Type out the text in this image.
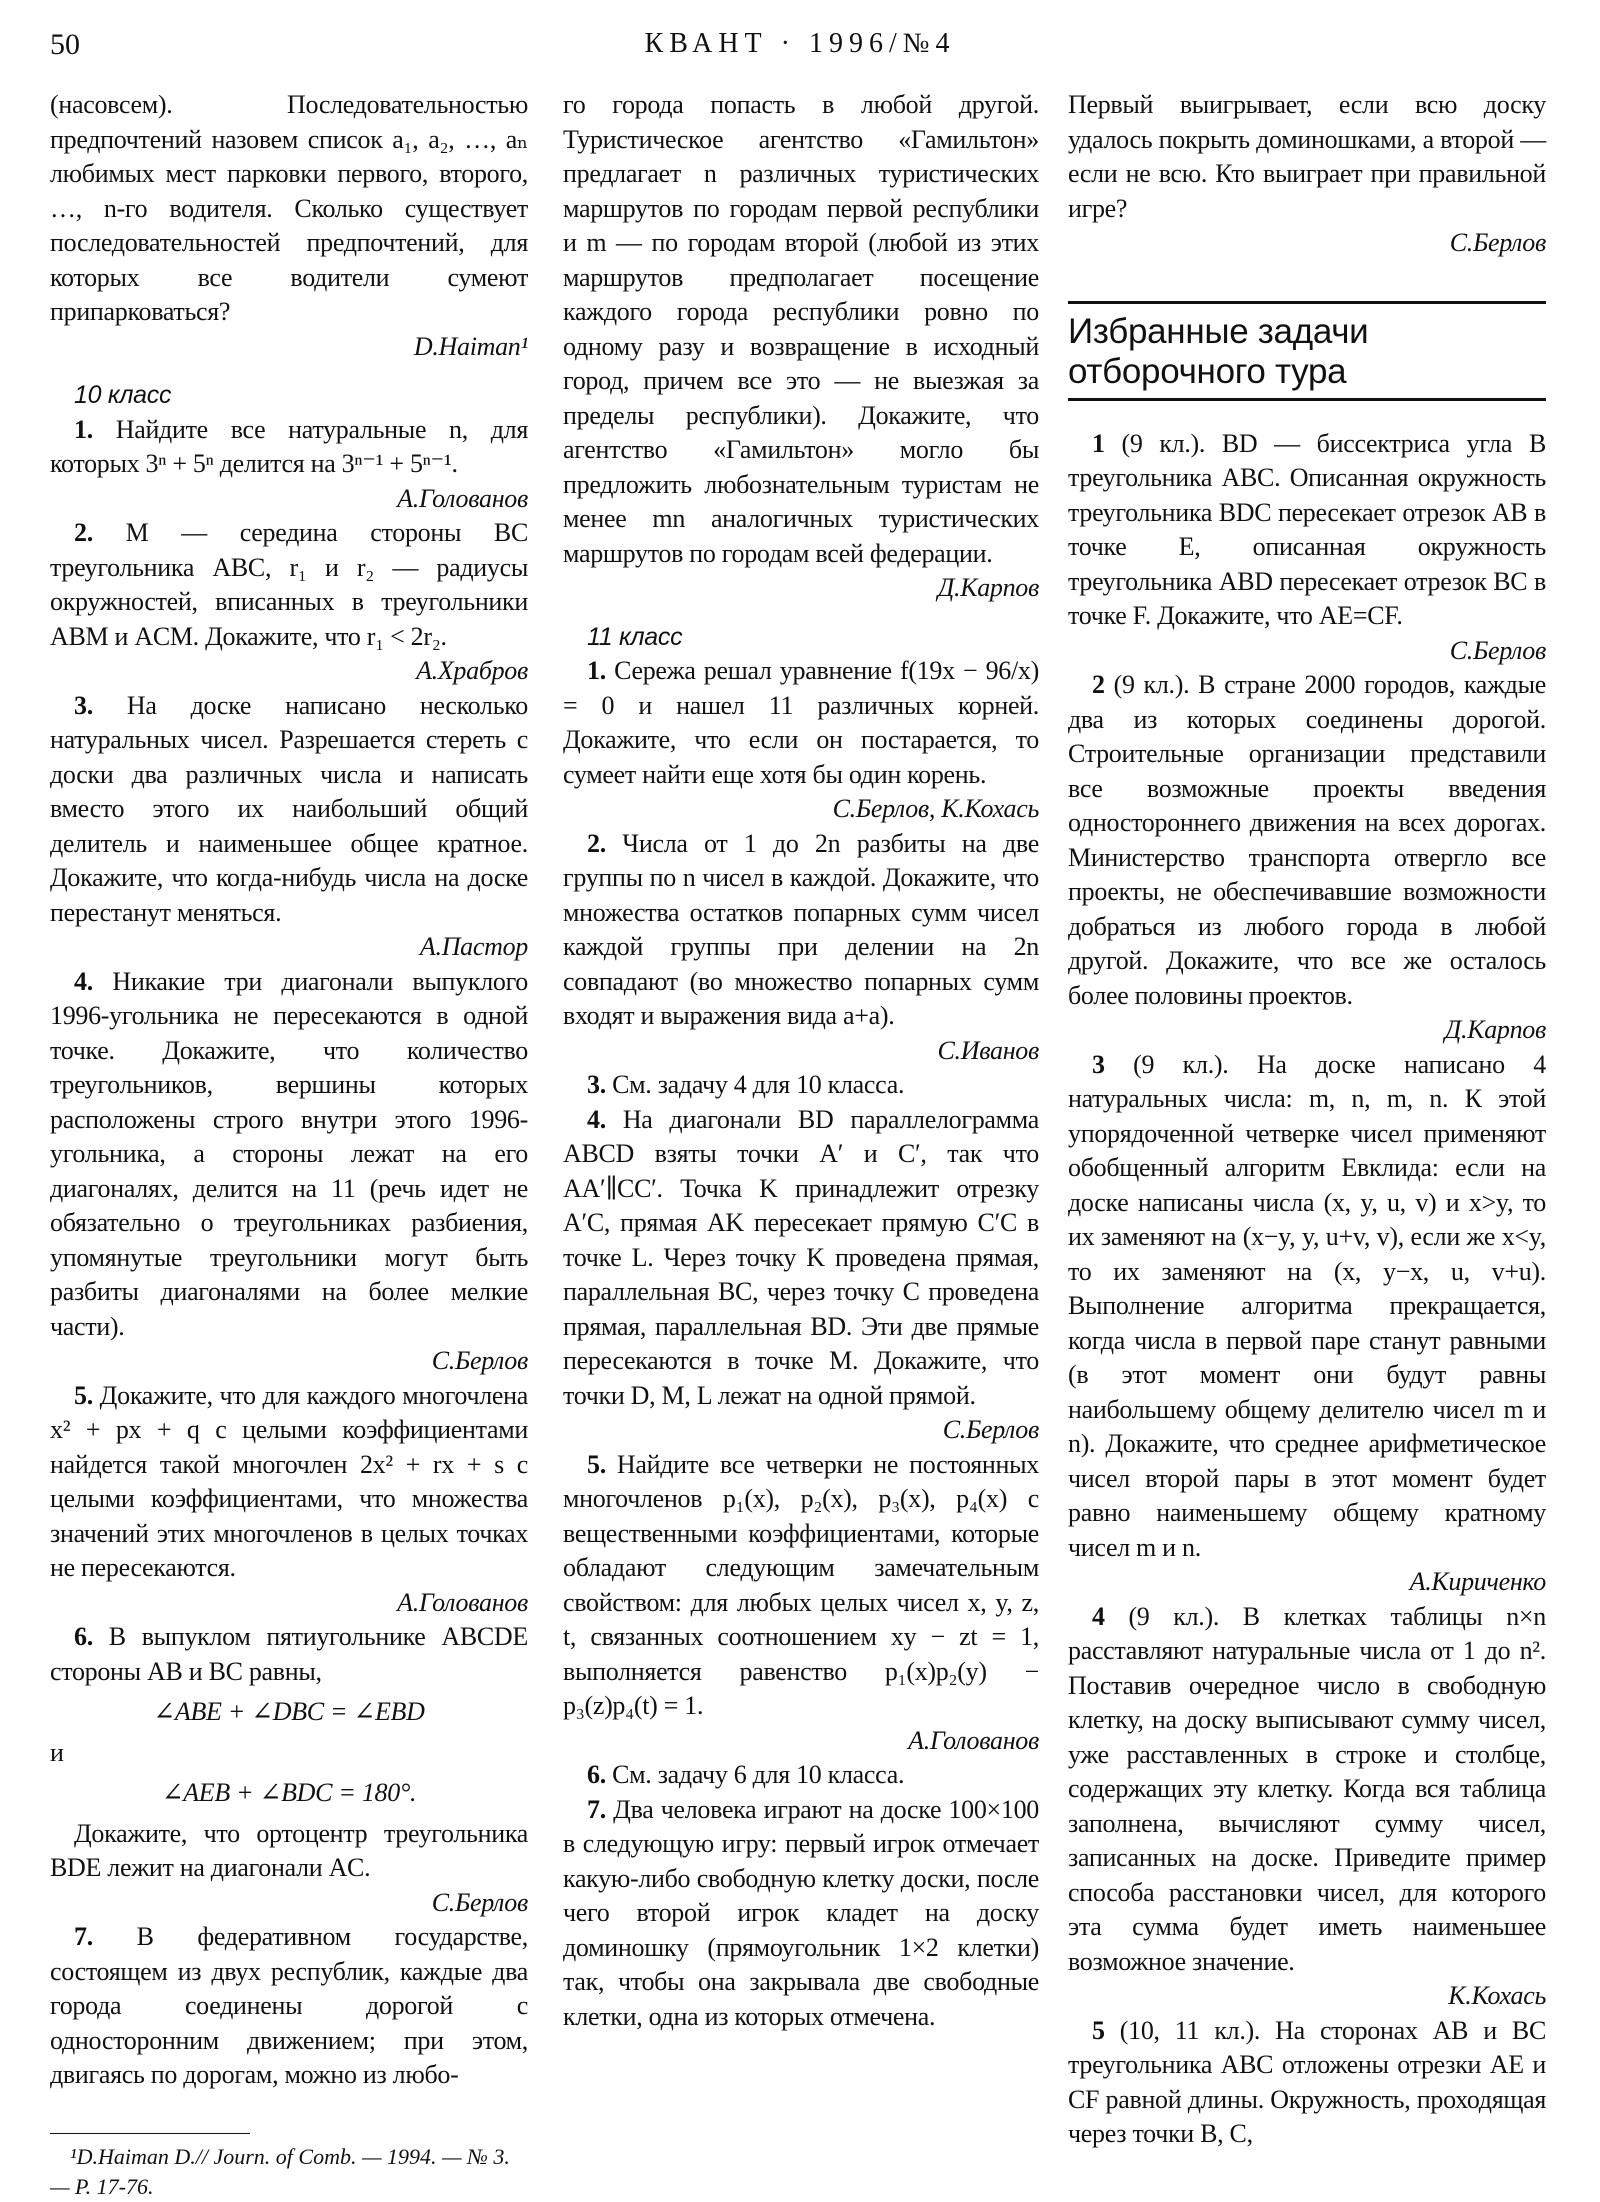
50	КВАНТ · 1996/№4

(насовсем). Последовательностью предпочтений назовем список a₁, a₂, …, aₙ любимых мест парковки первого, второго, …, n-го водителя. Сколько существует последовательностей предпочтений, для которых все водители сумеют припарковаться?

D.Haiman¹
10 класс

1. Найдите все натуральные n, для которых 3ⁿ + 5ⁿ делится на 3ⁿ⁻¹ + 5ⁿ⁻¹.

А.Голованов

2. M — середина стороны BC треугольника ABC, r₁ и r₂ — радиусы окружностей, вписанных в треугольники ABM и ACM. Докажите, что r₁ < 2r₂.

А.Храбров

3. На доске написано несколько натуральных чисел. Разрешается стереть с доски два различных числа и написать вместо этого их наибольший общий делитель и наименьшее общее кратное. Докажите, что когда-нибудь числа на доске перестанут меняться.

А.Пастор

4. Никакие три диагонали выпуклого 1996-угольника не пересекаются в одной точке. Докажите, что количество треугольников, вершины которых расположены строго внутри этого 1996-угольника, а стороны лежат на его диагоналях, делится на 11 (речь идет не обязательно о треугольниках разбиения, упомянутые треугольники могут быть разбиты диагоналями на более мелкие части).

С.Берлов

5. Докажите, что для каждого многочлена x² + px + q с целыми коэффициентами найдется такой многочлен 2x² + rx + s с целыми коэффициентами, что множества значений этих многочленов в целых точках не пересекаются.

А.Голованов

6. В выпуклом пятиугольнике ABCDE стороны AB и BC равны,

∠ABE + ∠DBC = ∠EBD

и

∠AEB + ∠BDC = 180°.

Докажите, что ортоцентр треугольника BDE лежит на диагонали AC.

С.Берлов

7. В федеративном государстве, состоящем из двух республик, каждые два города соединены дорогой с односторонним движением; при этом, двигаясь по дорогам, можно из любо-

¹D.Haiman D.// Journ. of Comb. — 1994. — № 3. — P. 17-76.

го города попасть в любой другой. Туристическое агентство «Гамильтон» предлагает n различных туристических маршрутов по городам первой республики и m — по городам второй (любой из этих маршрутов предполагает посещение каждого города республики ровно по одному разу и возвращение в исходный город, причем все это — не выезжая за пределы республики). Докажите, что агентство «Гамильтон» могло бы предложить любознательным туристам не менее mn аналогичных туристических маршрутов по городам всей федерации.

Д.Карпов
11 класс

1. Сережа решал уравнение f(19x − 96/x) = 0 и нашел 11 различных корней. Докажите, что если он постарается, то сумеет найти еще хотя бы один корень.

С.Берлов, К.Кохась

2. Числа от 1 до 2n разбиты на две группы по n чисел в каждой. Докажите, что множества остатков попарных сумм чисел каждой группы при делении на 2n совпадают (во множество попарных сумм входят и выражения вида a+a).

С.Иванов

3. См. задачу 4 для 10 класса.

4. На диагонали BD параллелограмма ABCD взяты точки A′ и C′, так что AA′∥CC′. Точка K принадлежит отрезку A′C, прямая AK пересекает прямую C′C в точке L. Через точку K проведена прямая, параллельная BC, через точку C проведена прямая, параллельная BD. Эти две прямые пересекаются в точке M. Докажите, что точки D, M, L лежат на одной прямой.

С.Берлов

5. Найдите все четверки не постоянных многочленов p₁(x), p₂(x), p₃(x), p₄(x) с вещественными коэффициентами, которые обладают следующим замечательным свойством: для любых целых чисел x, y, z, t, связанных соотношением xy − zt = 1, выполняется равенство p₁(x)p₂(y) − p₃(z)p₄(t) = 1.

А.Голованов

6. См. задачу 6 для 10 класса.

7. Два человека играют на доске 100×100 в следующую игру: первый игрок отмечает какую-либо свободную клетку доски, после чего второй игрок кладет на доску доминошку (прямоугольник 1×2 клетки) так, чтобы она закрывала две свободные клетки, одна из которых отмечена.

Первый выигрывает, если всю доску удалось покрыть доминошками, а второй — если не всю. Кто выиграет при правильной игре?

С.Берлов
Избранные задачи отборочного тура

1 (9 кл.). BD — биссектриса угла B треугольника ABC. Описанная окружность треугольника BDC пересекает отрезок AB в точке E, описанная окружность треугольника ABD пересекает отрезок BC в точке F. Докажите, что AE=CF.

С.Берлов

2 (9 кл.). В стране 2000 городов, каждые два из которых соединены дорогой. Строительные организации представили все возможные проекты введения одностороннего движения на всех дорогах. Министерство транспорта отвергло все проекты, не обеспечивавшие возможности добраться из любого города в любой другой. Докажите, что все же осталось более половины проектов.

Д.Карпов

3 (9 кл.). На доске написано 4 натуральных числа: m, n, m, n. К этой упорядоченной четверке чисел применяют обобщенный алгоритм Евклида: если на доске написаны числа (x, y, u, v) и x>y, то их заменяют на (x−y, y, u+v, v), если же x<y, то их заменяют на (x, y−x, u, v+u). Выполнение алгоритма прекращается, когда числа в первой паре станут равными (в этот момент они будут равны наибольшему общему делителю чисел m и n). Докажите, что среднее арифметическое чисел второй пары в этот момент будет равно наименьшему общему кратному чисел m и n.

А.Кириченко

4 (9 кл.). В клетках таблицы n×n расставляют натуральные числа от 1 до n². Поставив очередное число в свободную клетку, на доску выписывают сумму чисел, уже расставленных в строке и столбце, содержащих эту клетку. Когда вся таблица заполнена, вычисляют сумму чисел, записанных на доске. Приведите пример способа расстановки чисел, для которого эта сумма будет иметь наименьшее возможное значение.

К.Кохась

5 (10, 11 кл.). На сторонах AB и BC треугольника ABC отложены отрезки AE и CF равной длины. Окружность, проходящая через точки B, C,
